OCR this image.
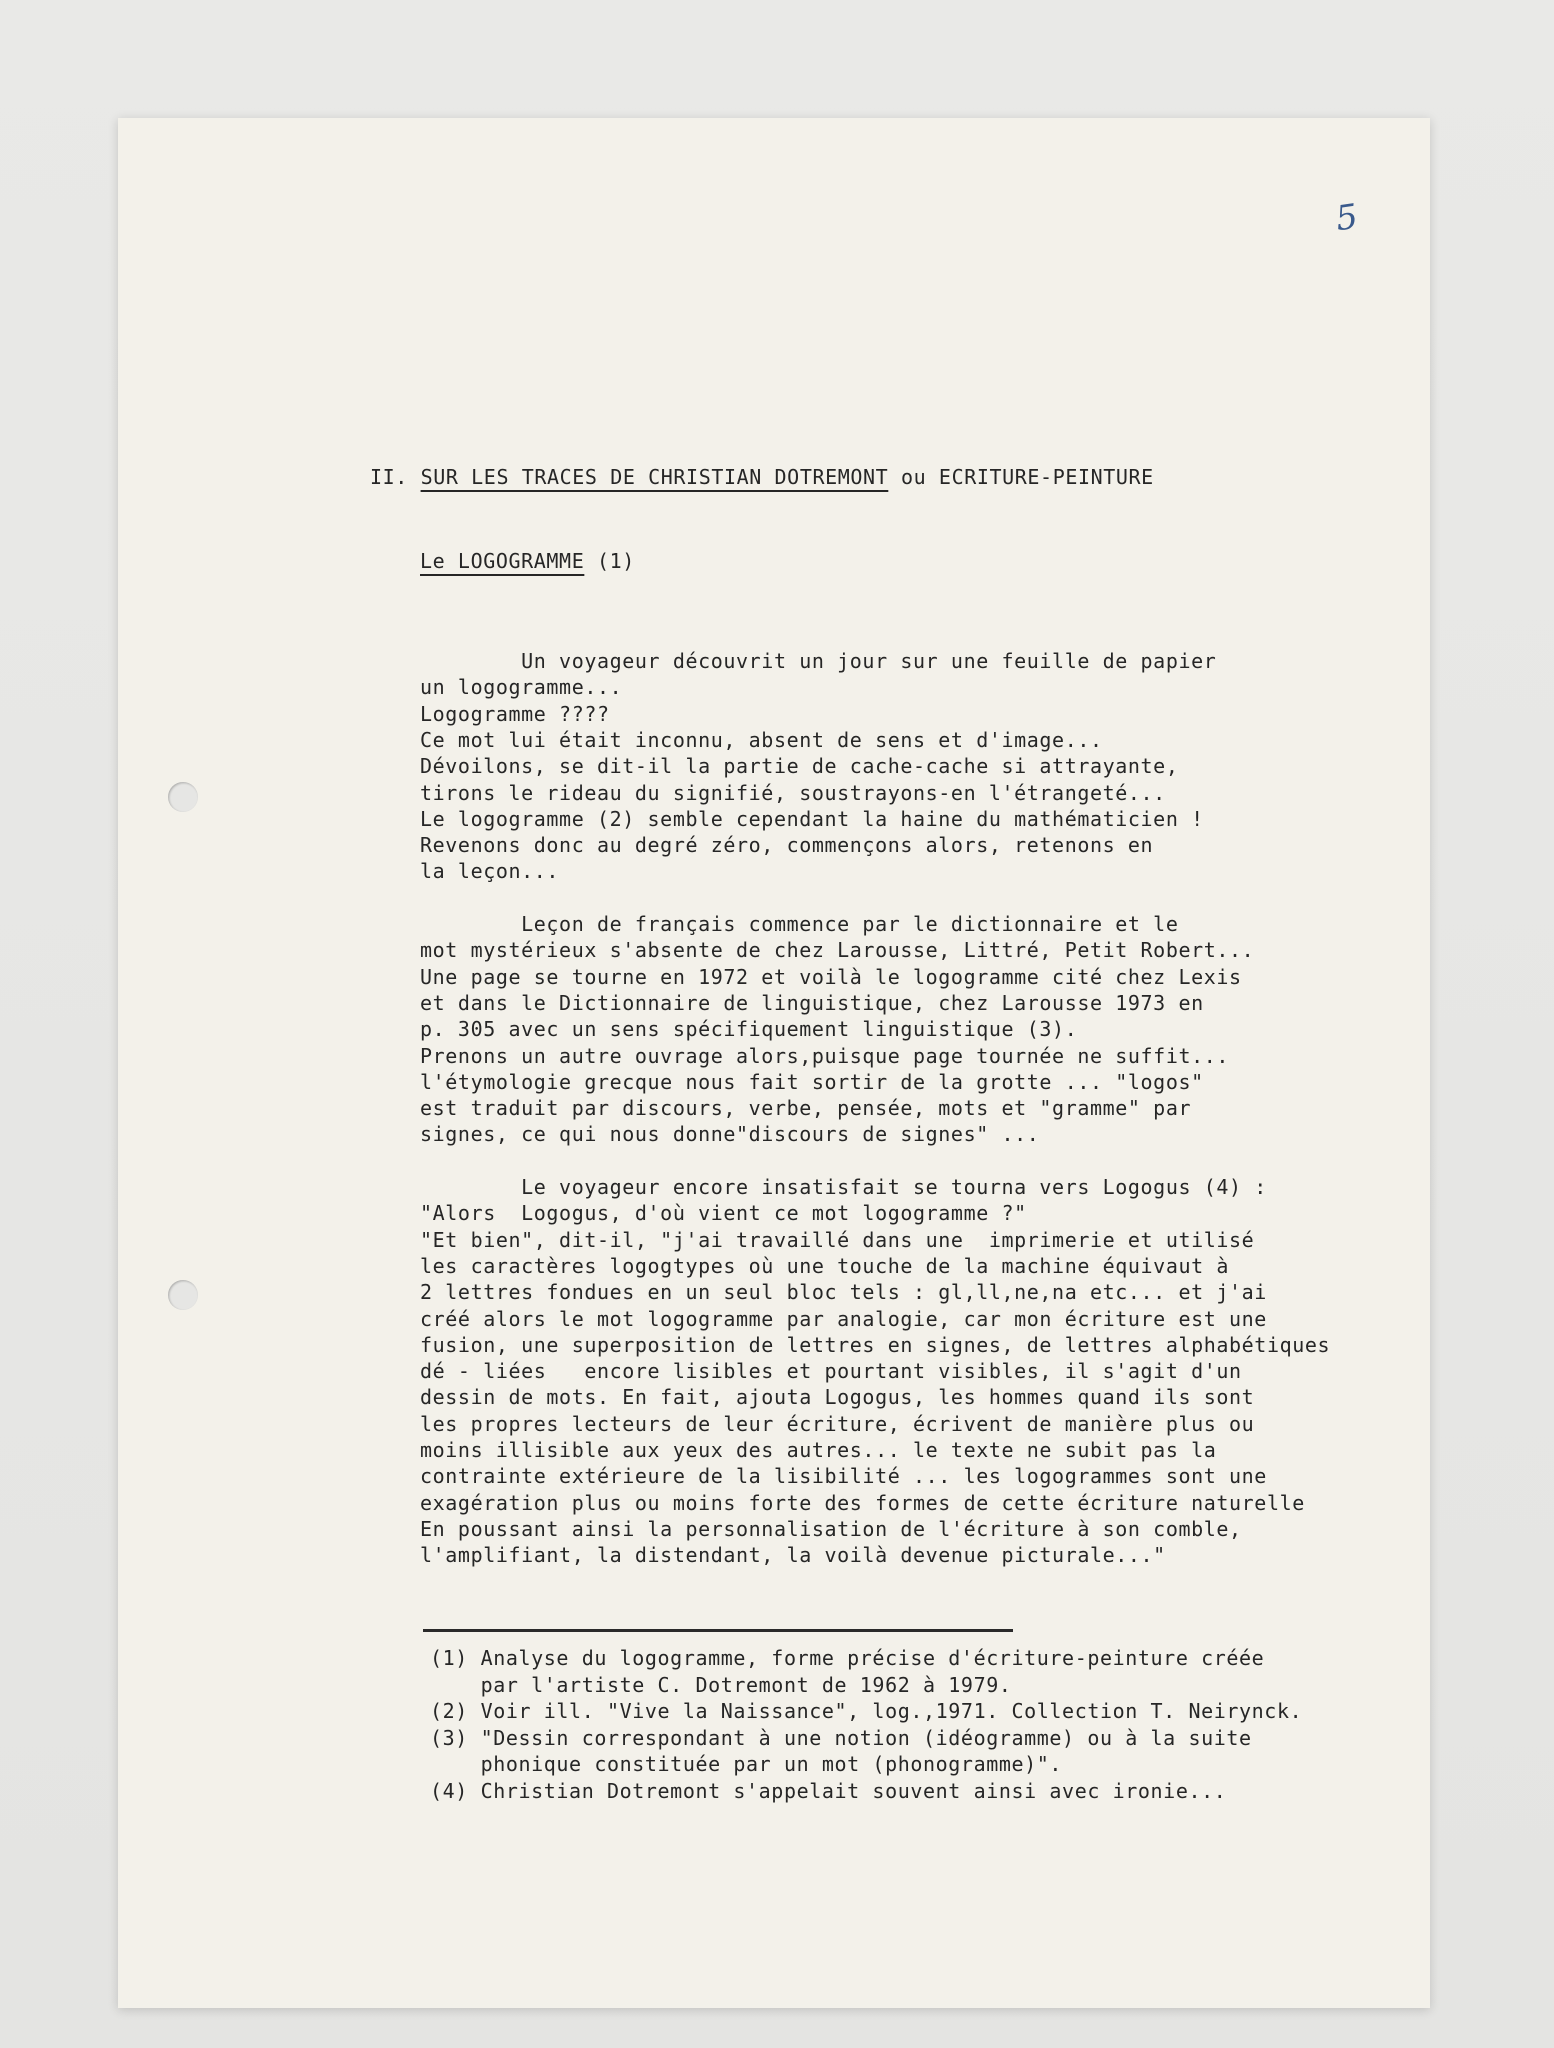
5
II. SUR LES TRACES DE CHRISTIAN DOTREMONT ou ECRITURE-PEINTURE
Le LOGOGRAMME (1)
Un voyageur découvrit un jour sur une feuille de papier
un logogramme...
Logogramme ????
Ce mot lui était inconnu, absent de sens et d'image...
Dévoilons, se dit-il la partie de cache-cache si attrayante,
tirons le rideau du signifié, soustrayons-en l'étrangeté...
Le logogramme (2) semble cependant la haine du mathématicien !
Revenons donc au degré zéro, commençons alors, retenons en
la leçon...
Leçon de français commence par le dictionnaire et le
mot mystérieux s'absente de chez Larousse, Littré, Petit Robert...
Une page se tourne en 1972 et voilà le logogramme cité chez Lexis
et dans le Dictionnaire de linguistique, chez Larousse 1973 en
p. 305 avec un sens spécifiquement linguistique (3).
Prenons un autre ouvrage alors,puisque page tournée ne suffit...
l'étymologie grecque nous fait sortir de la grotte ... "logos"
est traduit par discours, verbe, pensée, mots et "gramme" par
signes, ce qui nous donne"discours de signes" ...
Le voyageur encore insatisfait se tourna vers Logogus (4) :
"Alors  Logogus, d'où vient ce mot logogramme ?"
"Et bien", dit-il, "j'ai travaillé dans une  imprimerie et utilisé
les caractères logogtypes où une touche de la machine équivaut à
2 lettres fondues en un seul bloc tels : gl,ll,ne,na etc... et j'ai
créé alors le mot logogramme par analogie, car mon écriture est une
fusion, une superposition de lettres en signes, de lettres alphabétiques
dé - liées   encore lisibles et pourtant visibles, il s'agit d'un
dessin de mots. En fait, ajouta Logogus, les hommes quand ils sont
les propres lecteurs de leur écriture, écrivent de manière plus ou
moins illisible aux yeux des autres... le texte ne subit pas la
contrainte extérieure de la lisibilité ... les logogrammes sont une
exagération plus ou moins forte des formes de cette écriture naturelle
En poussant ainsi la personnalisation de l'écriture à son comble,
l'amplifiant, la distendant, la voilà devenue picturale..."
(1) Analyse du logogramme, forme précise d'écriture-peinture créée
par l'artiste C. Dotremont de 1962 à 1979.
(2) Voir ill. "Vive la Naissance", log.,1971. Collection T. Neirynck.
(3) "Dessin correspondant à une notion (idéogramme) ou à la suite
phonique constituée par un mot (phonogramme)".
(4) Christian Dotremont s'appelait souvent ainsi avec ironie...
